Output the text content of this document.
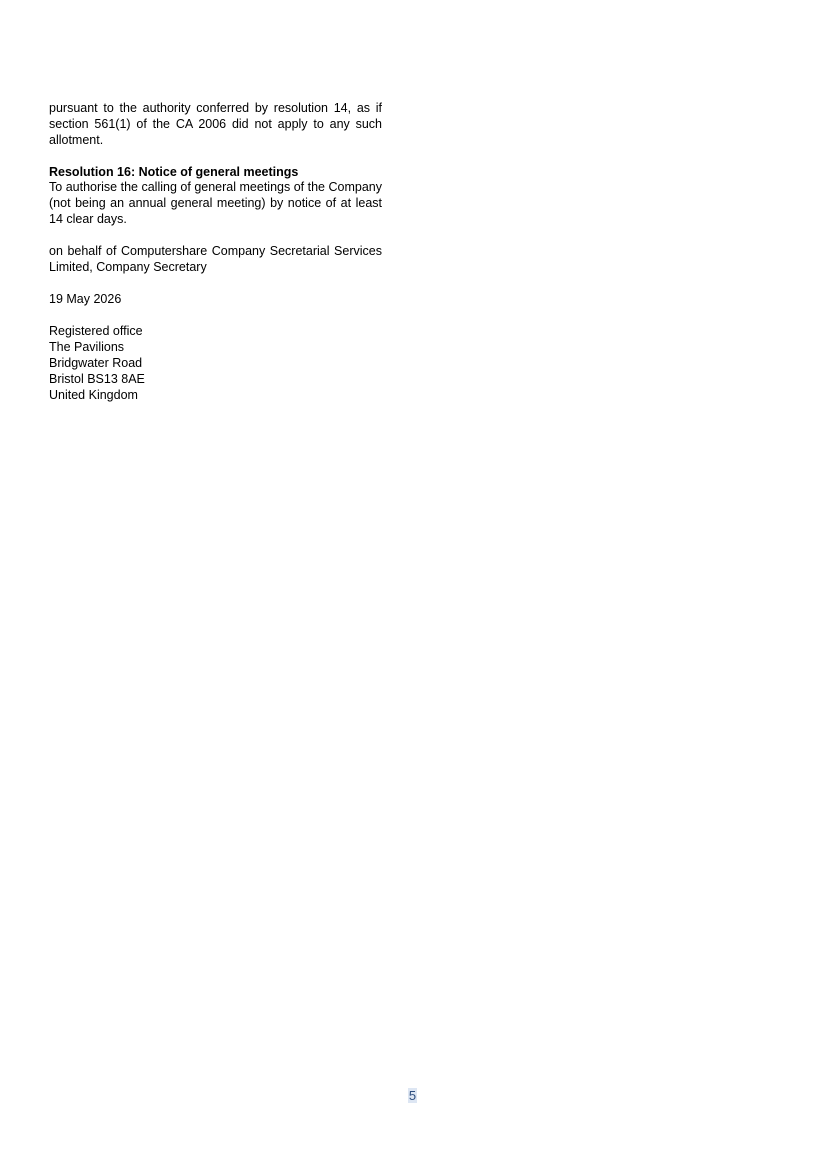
pursuant to the authority conferred by resolution 14, as if section 561(1) of the CA 2006 did not apply to any such allotment.

Resolution 16: Notice of general meetings

To authorise the calling of general meetings of the Company (not being an annual general meeting) by notice of at least 14 clear days.

on behalf of Computershare Company Secretarial Services Limited, Company Secretary

19 May 2026

Registered office
The Pavilions
Bridgwater Road
Bristol BS13 8AE
United Kingdom
5
